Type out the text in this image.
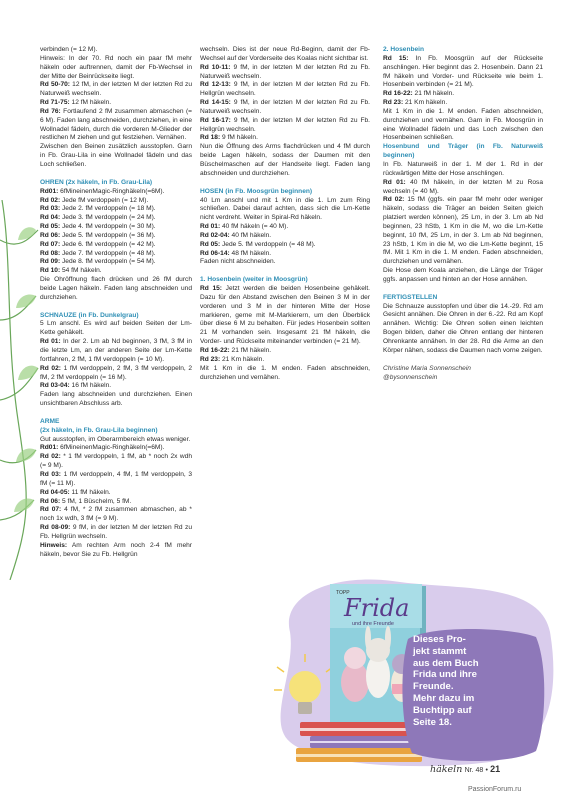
verbinden (= 12 M).

Hinweis: In der 70. Rd noch ein paar fM mehr häkeln oder auftrennen, damit der Fb-Wechsel in der Mitte der Beinrückseite liegt.

Rd 50-70: 12 fM, in der letzten M der letzten Rd zu Naturweiß wechseln.

Rd 71-75: 12 fM häkeln.

Rd 76: Fortlaufend 2 fM zusammen abmaschen (= 6 M). Faden lang abschneiden, durchziehen, in eine Wollnadel fädeln, durch die vorderen M-Glieder der restlichen M ziehen und gut festziehen. Vernähen.

Zwischen den Beinen zusätzlich ausstopfen. Garn in Fb. Grau-Lila in eine Wollnadel fädeln und das Loch schließen.

OHREN (2x häkeln, in Fb. Grau-Lila)

Rd01: 6fMineinenMagic-Ringhäkeln(=6M).

Rd 02: Jede fM verdoppeln (= 12 M).

Rd 03: Jede 2. fM verdoppeln (= 18 M).

Rd 04: Jede 3. fM verdoppeln (= 24 M).

Rd 05: Jede 4. fM verdoppeln (= 30 M).

Rd 06: Jede 5. fM verdoppeln (= 36 M).

Rd 07: Jede 6. fM verdoppeln (= 42 M).

Rd 08: Jede 7. fM verdoppeln (= 48 M).

Rd 09: Jede 8. fM verdoppeln (= 54 M).

Rd 10: 54 fM häkeln.

Die Ohröffnung flach drücken und 26 fM durch beide Lagen häkeln. Faden lang abschneiden und durchziehen.

SCHNAUZE (in Fb. Dunkelgrau)

5 Lm anschl. Es wird auf beiden Seiten der Lm-Kette gehäkelt.

Rd 01: In der 2. Lm ab Nd beginnen, 3 fM, 3 fM in die letzte Lm, an der anderen Seite der Lm-Kette fortfahren, 2 fM, 1 fM verdoppeln (= 10 M).

Rd 02: 1 fM verdoppeln, 2 fM, 3 fM verdoppeln, 2 fM, 2 fM verdoppeln (= 16 M).

Rd 03-04: 16 fM häkeln.

Faden lang abschneiden und durchziehen. Einen unsichtbaren Abschluss arb.

ARME

(2x häkeln, in Fb. Grau-Lila beginnen)

Gut ausstopfen, im Oberarmbereich etwas weniger.

Rd01: 6fMineinenMagic-Ringhäkeln(=6M).

Rd 02: * 1 fM verdoppeln, 1 fM, ab * noch 2x wdh (= 9 M).

Rd 03: 1 fM verdoppeln, 4 fM, 1 fM verdoppeln, 3 fM (= 11 M).

Rd 04-05: 11 fM häkeln.

Rd 06: 5 fM, 1 Büschelm, 5 fM.

Rd 07: 4 fM, * 2 fM zusammen abmaschen, ab * noch 1x wdh, 3 fM (= 9 M).

Rd 08-09: 9 fM, in der letzten M der letzten Rd zu Fb. Hellgrün wechseln.

Hinweis: Am rechten Arm noch 2-4 fM mehr häkeln, bevor Sie zu Fb. Hellgrün

wechseln. Dies ist der neue Rd-Beginn, damit der Fb-Wechsel auf der Vorderseite des Koalas nicht sichtbar ist.

Rd 10-11: 9 fM, in der letzten M der letzten Rd zu Fb. Naturweiß wechseln.

Rd 12-13: 9 fM, in der letzten M der letzten Rd zu Fb. Hellgrün wechseln.

Rd 14-15: 9 fM, in der letzten M der letzten Rd zu Fb. Naturweiß wechseln.

Rd 16-17: 9 fM, in der letzten M der letzten Rd zu Fb. Hellgrün wechseln.

Rd 18: 9 fM häkeln.

Nun die Öffnung des Arms flachdrücken und 4 fM durch beide Lagen häkeln, sodass der Daumen mit den Büschelmaschen auf der Handseite liegt. Faden lang abschneiden und durchziehen.

HOSEN (in Fb. Moosgrün beginnen)

40 Lm anschl und mit 1 Km in die 1. Lm zum Ring schließen. Dabei darauf achten, dass sich die Lm-Kette nicht verdreht. Weiter in Spiral-Rd häkeln.

Rd 01: 40 fM häkeln (= 40 M).

Rd 02-04: 40 fM häkeln.

Rd 05: Jede 5. fM verdoppeln (= 48 M).

Rd 06-14: 48 fM häkeln.

Faden nicht abschneiden.

1. Hosenbein (weiter in Moosgrün)

Rd 15: Jetzt werden die beiden Hosenbeine gehäkelt. Dazu für den Abstand zwischen den Beinen 3 M in der vorderen und 3 M in der hinteren Mitte der Hose markieren, gerne mit M-Markierern, um den Überblick über diese 6 M zu behalten. Für jedes Hosenbein sollten 21 M vorhanden sein. Insgesamt 21 fM häkeln, die Vorder- und Rückseite miteinander verbinden (= 21 M).

Rd 16-22: 21 fM häkeln.

Rd 23: 21 Km häkeln.

Mit 1 Km in die 1. M enden. Faden abschneiden, durchziehen und vernähen.

2. Hosenbein

Rd 15: In Fb. Moosgrün auf der Rückseite anschlingen. Hier beginnt das 2. Hosenbein. Dann 21 fM häkeln und Vorder- und Rückseite wie beim 1. Hosenbein verbinden (= 21 M).

Rd 16-22: 21 fM häkeln.

Rd 23: 21 Km häkeln.

Mit 1 Km in die 1. M enden. Faden abschneiden, durchziehen und vernähen. Garn in Fb. Moosgrün in eine Wollnadel fädeln und das Loch zwischen den Hosenbeinen schließen.

Hosenbund und Träger (in Fb. Naturweiß beginnen)

In Fb. Naturweiß in der 1. M der 1. Rd in der rückwärtigen Mitte der Hose anschlingen.

Rd 01: 40 fM häkeln, in der letzten M zu Rosa wechseln (= 40 M).

Rd 02: 15 fM (ggfs. ein paar fM mehr oder weniger häkeln, sodass die Träger an beiden Seiten gleich platziert werden können), 25 Lm, in der 3. Lm ab Nd beginnen, 23 hStb, 1 Km in die M, wo die Lm-Kette beginnt, 10 fM, 25 Lm, in der 3. Lm ab Nd beginnen, 23 hStb, 1 Km in die M, wo die Lm-Kette beginnt, 15 fM. Mit 1 Km in die 1. M enden. Faden abschneiden, durchziehen und vernähen.

Die Hose dem Koala anziehen, die Länge der Träger ggfs. anpassen und hinten an der Hose annähen.

FERTIGSTELLEN

Die Schnauze ausstopfen und über die 14.-29. Rd am Gesicht annähen. Die Ohren in der 6.-22. Rd am Kopf annähen. Wichtig: Die Ohren sollen einen leichten Bogen bilden, daher die Ohren entlang der hinteren Ohrenkante annähen. In der 28. Rd die Arme an den Körper nähen, sodass die Daumen nach vorne zeigen.

Christine Maria Sonnenschein

@bysonnenschein

TOPP
Frida
und ihre Freunde
Dieses Pro-
jekt stammt
aus dem Buch
Frida und ihre
Freunde.
Mehr dazu im
Buchtipp auf
Seite 18.
häkeln Nr. 48 • 21
PassionForum.ru
